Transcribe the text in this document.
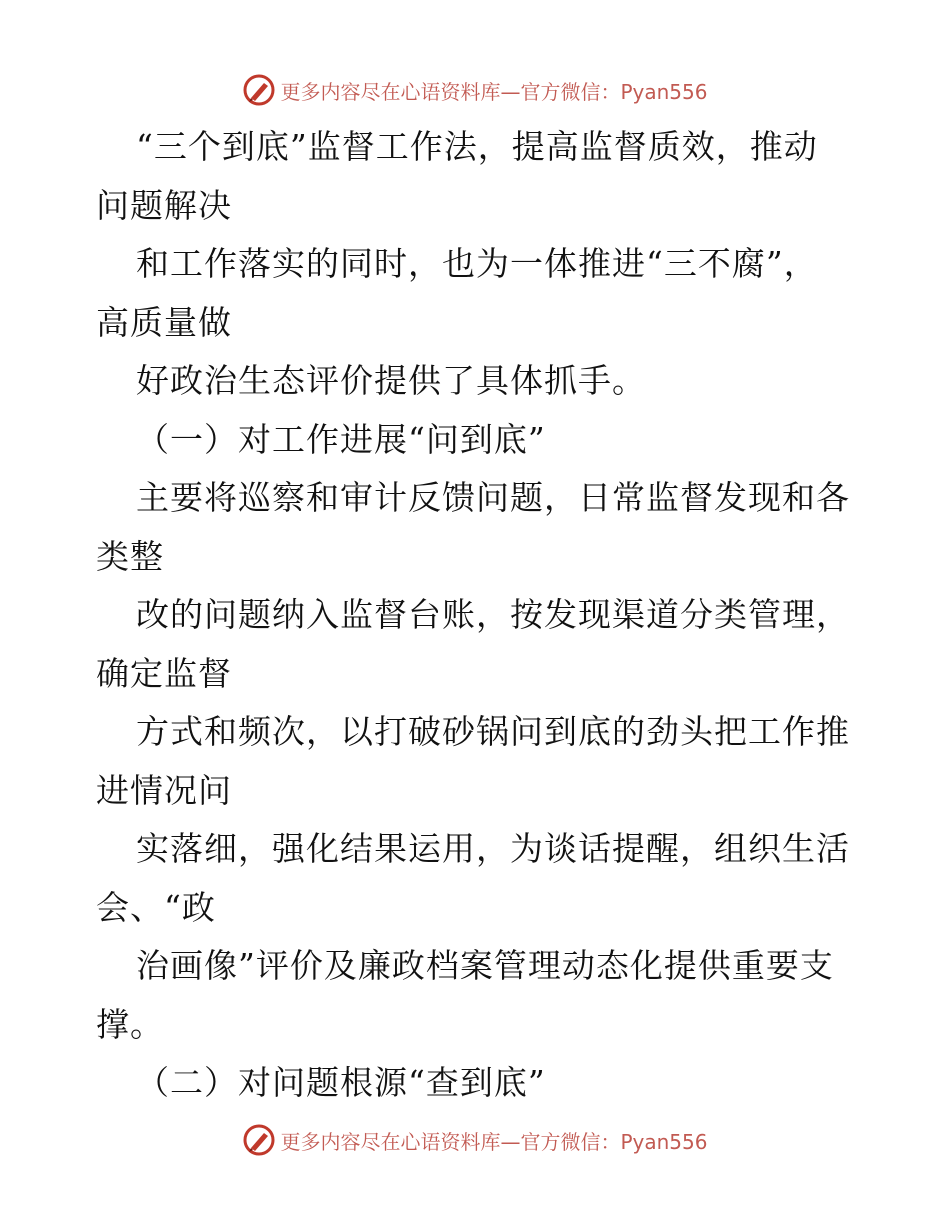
更多内容尽在心语资料库—官方微信：Pyan556
“三个到底”监督工作法，提高监督质效，推动
问题解决
和工作落实的同时，也为一体推进“三不腐”，
高质量做
好政治生态评价提供了具体抓手。
（一）对工作进展“问到底”
主要将巡察和审计反馈问题，日常监督发现和各
类整
改的问题纳入监督台账，按发现渠道分类管理，
确定监督
方式和频次，以打破砂锅问到底的劲头把工作推
进情况问
实落细，强化结果运用，为谈话提醒，组织生活
会、“政
治画像”评价及廉政档案管理动态化提供重要支
撑。
（二）对问题根源“查到底”
更多内容尽在心语资料库—官方微信：Pyan556
